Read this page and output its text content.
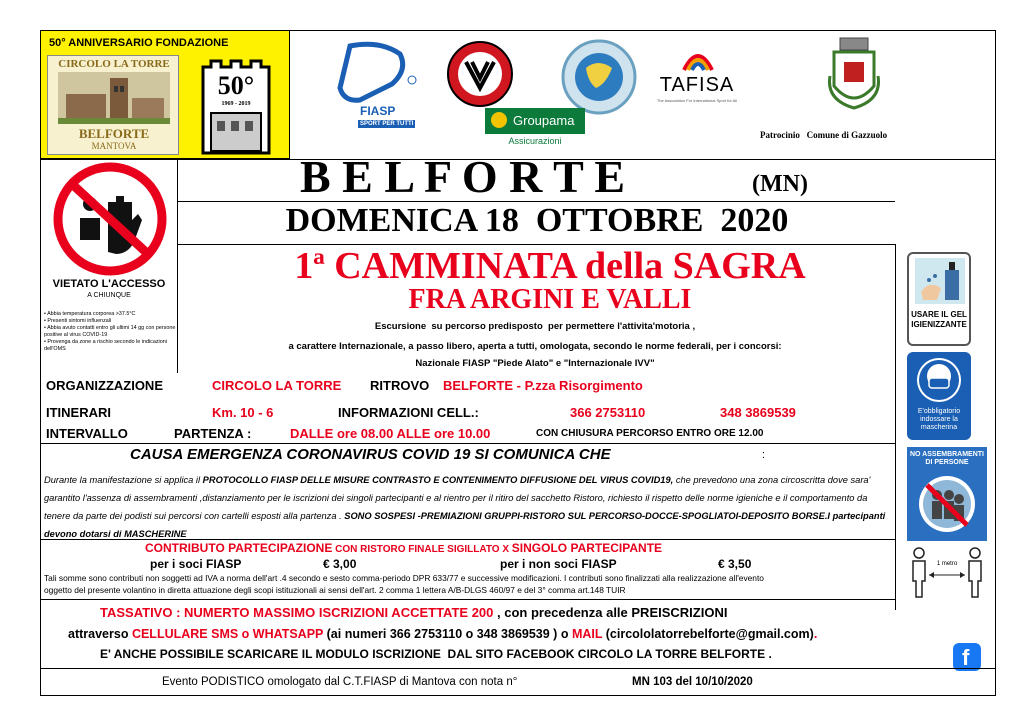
50° ANNIVERSARIO FONDAZIONE
CIRCOLO LA TORRE
BELFORTE
MANTOVA
50°
1969 - 2019	FIASP
SPORT PER TUTTI	Groupama
Assicurazioni
TAFISA
The Association For International Sport for All
Patrocinio   Comune di Gazzuolo
VIETATO L'ACCESSO
A CHIUNQUE
• Abbia temperatura corporea >37.5°C
• Presenti sintomi influenzali
• Abbia avuto contatti entro gli ultimi 14 gg con persone positive al virus COVID-19
• Provenga da zone a rischio secondo le indicazioni dell'OMS
B E L F O R T E	(MN)
DOMENICA 18  OTTOBRE  2020
1ª CAMMINATA della SAGRA
FRA ARGINI E VALLI
Escursione  su percorso predisposto  per permettere l'attivita'motoria ,
a carattere Internazionale, a passo libero, aperta a tutti, omologata, secondo le norme federali, per i concorsi:
Nazionale FIASP "Piede Alato" e "Internazionale IVV"
ORGANIZZAZIONE	CIRCOLO LA TORRE RITROVO BELFORTE - P.zza Risorgimento
ITINERARI	Km. 10 - 6	INFORMAZIONI CELL.:	366 2753110	348 3869539
INTERVALLO	PARTENZA :	DALLE ore 08.00 ALLE ore 10.00	CON CHIUSURA PERCORSO ENTRO ORE 12.00
USARE IL GEL IGIENIZZANTE
E'obbligatorio indossare la mascherina
NO ASSEMBRAMENTI DI PERSONE
1 metro
CAUSA EMERGENZA CORONAVIRUS COVID 19 SI COMUNICA CHE	:
Durante la manifestazione si applica il PROTOCOLLO FIASP DELLE MISURE CONTRASTO E CONTENIMENTO DIFFUSIONE DEL VIRUS COVID19, che prevedono una zona circoscritta dove sara' garantito l'assenza di assembramenti ,distanziamento per le iscrizioni dei singoli partecipanti e al rientro per il ritiro del sacchetto Ristoro, richiesto il rispetto delle norme igieniche e il comportamento da tenere da parte dei podisti sui percorsi con cartelli esposti alla partenza . SONO SOSPESI -PREMIAZIONI GRUPPI-RISTORO SUL PERCORSO-DOCCE-SPOGLIATOI-DEPOSITO BORSE.I partecipanti devono dotarsi di MASCHERINE
CONTRIBUTO PARTECIPAZIONE CON RISTORO FINALE SIGILLATO X SINGOLO PARTECIPANTE
per i soci FIASP	€ 3,00	per i non soci FIASP	€ 3,50
Tali somme sono contributi non soggetti ad IVA a norma dell'art .4 secondo e sesto comma-periodo DPR 633/77 e successive modificazioni. I contributi sono finalizzati alla realizzazione all'evento
oggetto del presente volantino in diretta attuazione degli scopi istituzionali ai sensi dell'art. 2 comma 1 lettera A/B-DLGS 460/97 e del 3° comma art.148 TUIR
TASSATIVO : NUMERTO MASSIMO ISCRIZIONI ACCETTATE 200 , con precedenza alle PREISCRIZIONI
attraverso CELLULARE SMS o WHATSAPP (ai numeri 366 2753110 o 348 3869539 ) o MAIL (circololatorrebelforte@gmail.com).
E' ANCHE POSSIBILE SCARICARE IL MODULO ISCRIZIONE  DAL SITO FACEBOOK CIRCOLO LA TORRE BELFORTE .	f
Evento PODISTICO omologato dal C.T.FIASP di Mantova con nota n°	MN 103 del 10/10/2020
